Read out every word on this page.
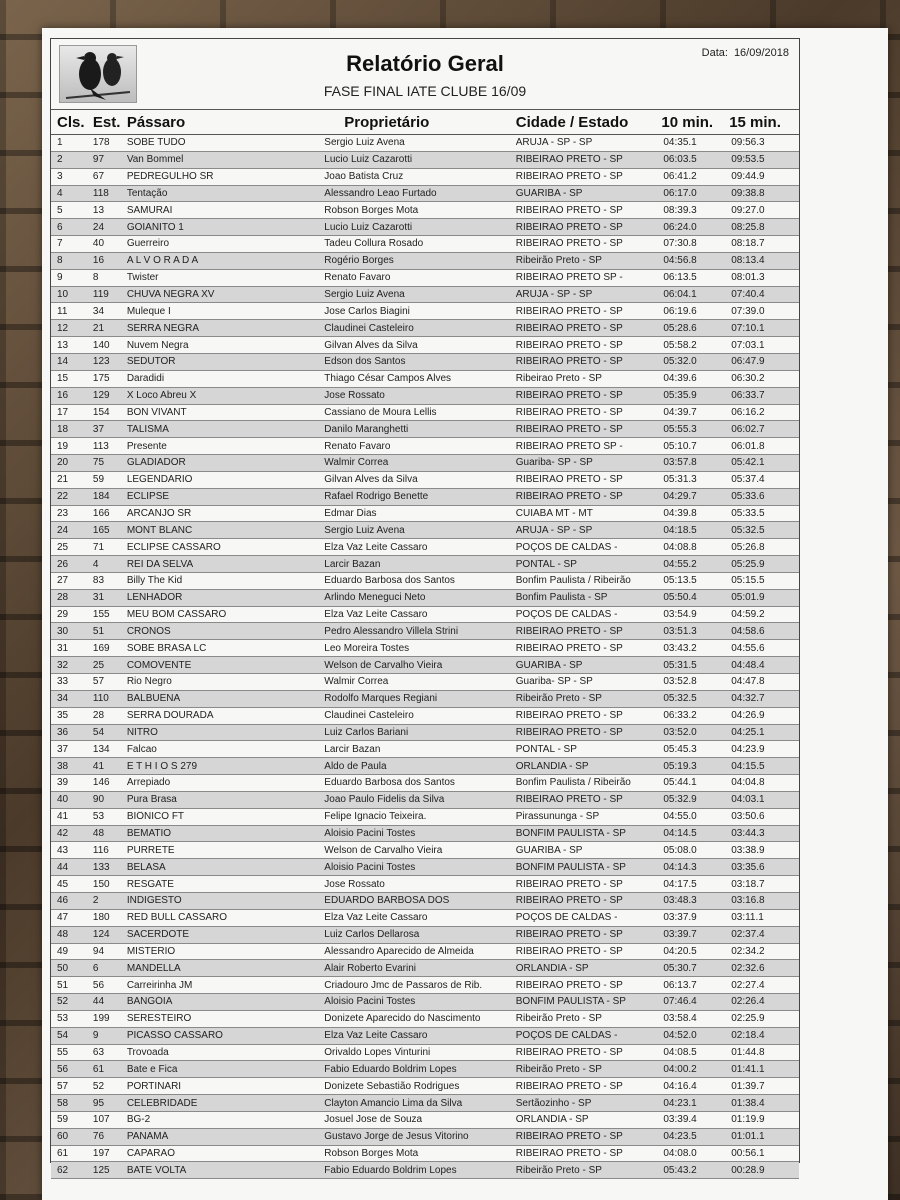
Relatório Geral
FASE FINAL IATE CLUBE 16/09
Data: 16/09/2018
Cls. Est. Pássaro	Proprietário	Cidade / Estado	10 min.	15 min.
1	178	SOBE TUDO	Sergio Luiz Avena	ARUJA - SP - SP	04:35.1	09:56.3
2	97	Van Bommel	Lucio Luiz Cazarotti	RIBEIRAO PRETO - SP	06:03.5	09:53.5
3	67	PEDREGULHO SR	Joao Batista Cruz	RIBEIRAO PRETO - SP	06:41.2	09:44.9
4	118	Tentação	Alessandro Leao Furtado	GUARIBA - SP	06:17.0	09:38.8
5	13	SAMURAI	Robson Borges Mota	RIBEIRAO PRETO - SP	08:39.3	09:27.0
6	24	GOIANITO 1	Lucio Luiz Cazarotti	RIBEIRAO PRETO - SP	06:24.0	08:25.8
7	40	Guerreiro	Tadeu Collura Rosado	RIBEIRAO PRETO - SP	07:30.8	08:18.7
8	16	A L V O R A D A	Rogério Borges	Ribeirão Preto - SP	04:56.8	08:13.4
9	8	Twister	Renato Favaro	RIBEIRAO PRETO SP -	06:13.5	08:01.3
10	119	CHUVA NEGRA XV	Sergio Luiz Avena	ARUJA - SP - SP	06:04.1	07:40.4
11	34	Muleque I	Jose Carlos Biagini	RIBEIRAO PRETO - SP	06:19.6	07:39.0
12	21	SERRA NEGRA	Claudinei Casteleiro	RIBEIRAO PRETO - SP	05:28.6	07:10.1
13	140	Nuvem Negra	Gilvan Alves da Silva	RIBEIRAO PRETO - SP	05:58.2	07:03.1
14	123	SEDUTOR	Edson dos Santos	RIBEIRAO PRETO - SP	05:32.0	06:47.9
15	175	Daradidi	Thiago César Campos Alves	Ribeirao Preto - SP	04:39.6	06:30.2
16	129	X Loco Abreu X	Jose Rossato	RIBEIRAO PRETO - SP	05:35.9	06:33.7
17	154	BON VIVANT	Cassiano de Moura Lellis	RIBEIRAO PRETO - SP	04:39.7	06:16.2
18	37	TALISMÃ	Danilo Maranghetti	RIBEIRAO PRETO - SP	05:55.3	06:02.7
19	113	Presente	Renato Favaro	RIBEIRAO PRETO SP -	05:10.7	06:01.8
20	75	GLADIADOR	Walmir Correa	Guariba- SP - SP	03:57.8	05:42.1
21	59	LEGENDARIO	Gilvan Alves da Silva	RIBEIRAO PRETO - SP	05:31.3	05:37.4
22	184	ECLIPSE	Rafael Rodrigo Benette	RIBEIRAO PRETO - SP	04:29.7	05:33.6
23	166	ARCANJO SR	Edmar Dias	CUIABA MT - MT	04:39.8	05:33.5
24	165	MONT BLANC	Sergio Luiz Avena	ARUJA - SP - SP	04:18.5	05:32.5
25	71	ECLIPSE CASSARO	Elza Vaz Leite Cassaro	POÇOS DE CALDAS -	04:08.8	05:26.8
26	4	REI DA SELVA	Larcir Bazan	PONTAL - SP	04:55.2	05:25.9
27	83	Billy The Kid	Eduardo Barbosa dos Santos	Bonfim Paulista / Ribeirão	05:13.5	05:15.5
28	31	LENHADOR	Arlindo Meneguci Neto	Bonfim Paulista - SP	05:50.4	05:01.9
29	155	MEU BOM CASSARO	Elza Vaz Leite Cassaro	POÇOS DE CALDAS -	03:54.9	04:59.2
30	51	CRONOS	Pedro Alessandro Villela Strini	RIBEIRAO PRETO - SP	03:51.3	04:58.6
31	169	SOBE BRASA LC	Leo Moreira Tostes	RIBEIRAO PRETO - SP	03:43.2	04:55.6
32	25	COMOVENTE	Welson de Carvalho Vieira	GUARIBA - SP	05:31.5	04:48.4
33	57	Rio Negro	Walmir Correa	Guariba- SP - SP	03:52.8	04:47.8
34	110	BALBUENA	Rodolfo Marques Regiani	Ribeirão Preto - SP	05:32.5	04:32.7
35	28	SERRA DOURADA	Claudinei Casteleiro	RIBEIRAO PRETO - SP	06:33.2	04:26.9
36	54	NITRO	Luiz Carlos Bariani	RIBEIRAO PRETO - SP	03:52.0	04:25.1
37	134	Falcao	Larcir Bazan	PONTAL - SP	05:45.3	04:23.9
38	41	E T H I O S 279	Aldo de Paula	ORLANDIA - SP	05:19.3	04:15.5
39	146	Arrepiado	Eduardo Barbosa dos Santos	Bonfim Paulista / Ribeirão	05:44.1	04:04.8
40	90	Pura Brasa	Joao Paulo Fidelis da Silva	RIBEIRAO PRETO - SP	05:32.9	04:03.1
41	53	BIÔNICO FT	Felipe Ignacio Teixeira.	Pirassununga - SP	04:55.0	03:50.6
42	48	BEMATIO	Aloisio Pacini Tostes	BONFIM PAULISTA - SP	04:14.5	03:44.3
43	116	PURRETE	Welson de Carvalho Vieira	GUARIBA - SP	05:08.0	03:38.9
44	133	BELASA	Aloisio Pacini Tostes	BONFIM PAULISTA - SP	04:14.3	03:35.6
45	150	RESGATE	Jose Rossato	RIBEIRAO PRETO - SP	04:17.5	03:18.7
46	2	INDIGESTO	EDUARDO BARBOSA DOS	RIBEIRÃO PRETO - SP	03:48.3	03:16.8
47	180	RED BULL CASSARO	Elza Vaz Leite Cassaro	POÇOS DE CALDAS -	03:37.9	03:11.1
48	124	SACERDOTE	Luiz Carlos Dellarosa	RIBEIRAO PRETO - SP	03:39.7	02:37.4
49	94	MISTERIO	Alessandro Aparecido de Almeida	RIBEIRAO PRETO - SP	04:20.5	02:34.2
50	6	MANDELLA	Alair Roberto Evarini	ORLANDIA - SP	05:30.7	02:32.6
51	56	Carreirinha JM	Criadouro Jmc de Passaros de Rib.	RIBEIRAO PRETO - SP	06:13.7	02:27.4
52	44	BANGÓIA	Aloisio Pacini Tostes	BONFIM PAULISTA - SP	07:46.4	02:26.4
53	199	SERESTEIRO	Donizete Aparecido do Nascimento	Ribeirão Preto - SP	03:58.4	02:25.9
54	9	PICASSO CASSARO	Elza Vaz Leite Cassaro	POÇOS DE CALDAS -	04:52.0	02:18.4
55	63	Trovoada	Orivaldo Lopes Vinturini	RIBEIRAO PRETO - SP	04:08.5	01:44.8
56	61	Bate e Fica	Fabio Eduardo Boldrim Lopes	Ribeirão Preto - SP	04:00.2	01:41.1
57	52	PORTINARI	Donizete Sebastião Rodrigues	RIBEIRAO PRETO - SP	04:16.4	01:39.7
58	95	CELEBRIDADE	Clayton Amancio Lima da Silva	Sertãozinho - SP	04:23.1	01:38.4
59	107	BG-2	Josuel Jose de Souza	ORLANDIA - SP	03:39.4	01:19.9
60	76	PANAMÁ	Gustavo Jorge de Jesus Vitorino	RIBEIRAO PRETO - SP	04:23.5	01:01.1
61	197	CAPARAÓ	Robson Borges Mota	RIBEIRAO PRETO - SP	04:08.0	00:56.1
62	125	BATE VOLTA	Fabio Eduardo Boldrim Lopes	Ribeirão Preto - SP	05:43.2	00:28.9
